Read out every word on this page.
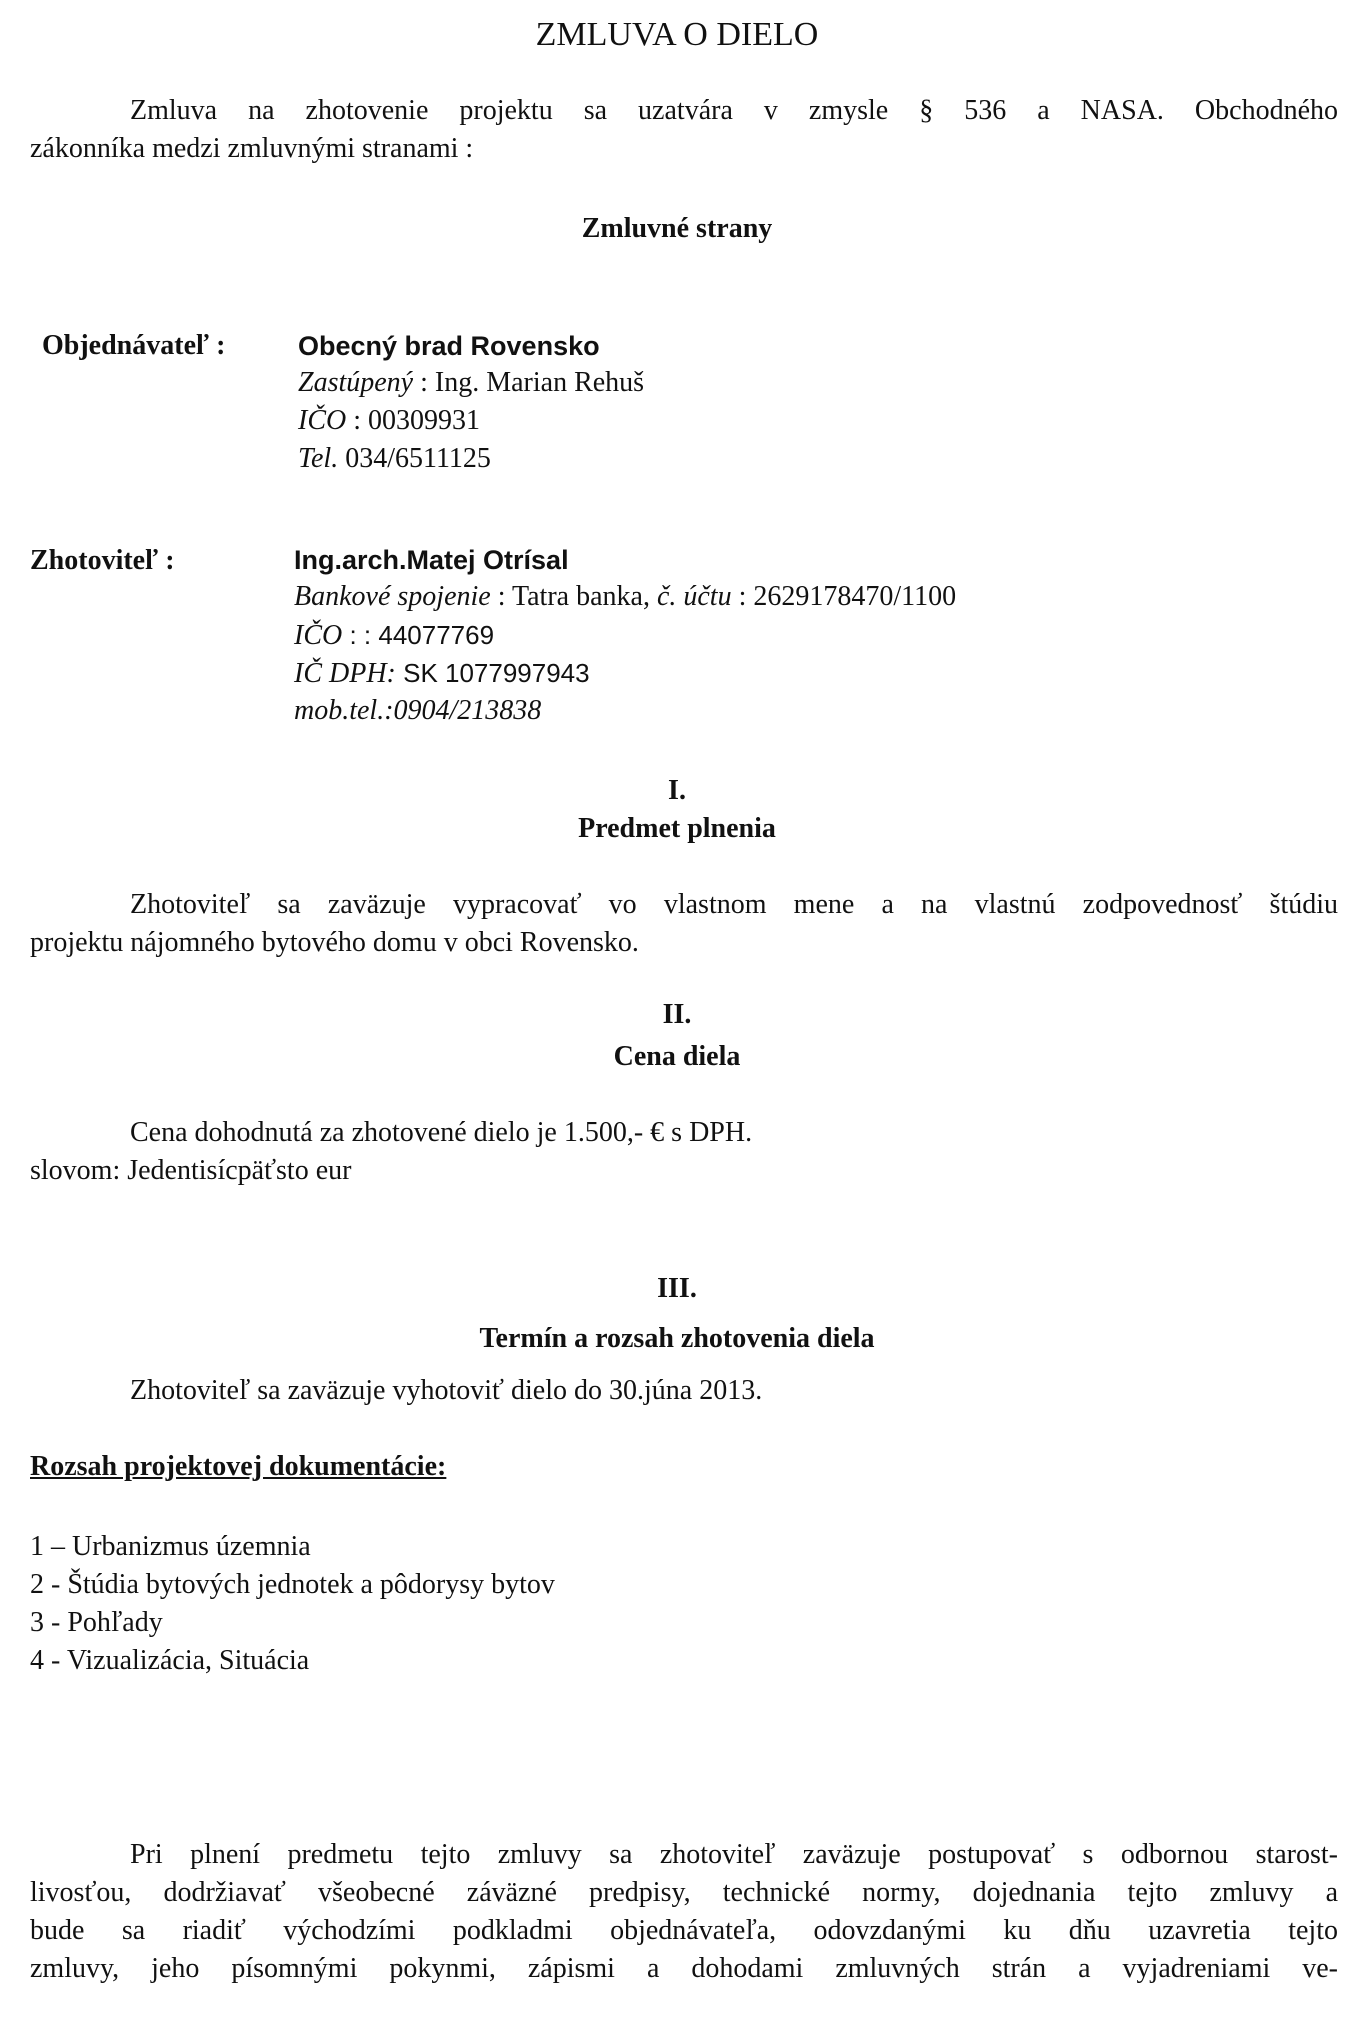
ZMLUVA O DIELO
Zmluva na zhotovenie projektu sa uzatvára v zmysle § 536 a NASA. Obchodného
zákonníka medzi zmluvnými stranami :
Zmluvné strany
Objednávateľ :	Obecný brad Rovensko
Zastúpený : Ing. Marian Rehuš
IČO : 00309931
Tel. 034/6511125
Zhotoviteľ :	Ing.arch.Matej Otrísal
Bankové spojenie : Tatra banka, č. účtu : 2629178470/1100
IČO : : 44077769
IČ DPH: SK 1077997943
mob.tel.:0904/213838
I.
Predmet plnenia
Zhotoviteľ sa zaväzuje vypracovať vo vlastnom mene a na vlastnú zodpovednosť štúdiu
projektu nájomného bytového domu v obci Rovensko.
II.
Cena diela
Cena dohodnutá za zhotovené dielo je 1.500,- € s DPH.
slovom: Jedentisícpäťsto eur
III.
Termín a rozsah zhotovenia diela
Zhotoviteľ sa zaväzuje vyhotoviť dielo do 30.júna 2013.
Rozsah projektovej dokumentácie:
1 – Urbanizmus územnia
2 - Štúdia bytových jednotek a pôdorysy bytov
3 - Pohľady
4 - Vizualizácia, Situácia
Pri plnení predmetu tejto zmluvy sa zhotoviteľ zaväzuje postupovať s odbornou starost-
livosťou, dodržiavať všeobecné záväzné predpisy, technické normy, dojednania tejto zmluvy a
bude sa riadiť východzími podkladmi objednávateľa, odovzdanými ku dňu uzavretia tejto
zmluvy, jeho písomnými pokynmi, zápismi a dohodami zmluvných strán a vyjadreniami ve-
